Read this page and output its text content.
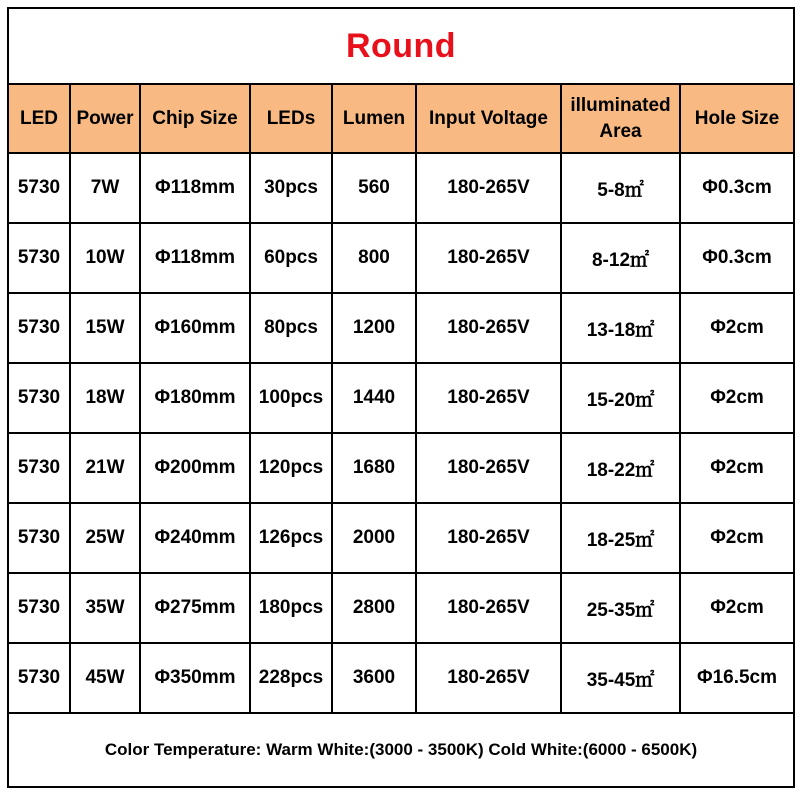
Round							
LED	Power	Chip Size	LEDs	Lumen	Input Voltage	illuminated Area	Hole Size
5730	7W	Φ118mm	30pcs	560	180-265V	5-8㎡	Φ0.3cm
5730	10W	Φ118mm	60pcs	800	180-265V	8-12㎡	Φ0.3cm
5730	15W	Φ160mm	80pcs	1200	180-265V	13-18㎡	Φ2cm
5730	18W	Φ180mm	100pcs	1440	180-265V	15-20㎡	Φ2cm
5730	21W	Φ200mm	120pcs	1680	180-265V	18-22㎡	Φ2cm
5730	25W	Φ240mm	126pcs	2000	180-265V	18-25㎡	Φ2cm
5730	35W	Φ275mm	180pcs	2800	180-265V	25-35㎡	Φ2cm
5730	45W	Φ350mm	228pcs	3600	180-265V	35-45㎡	Φ16.5cm
Color Temperature: Warm White:(3000 - 3500K) Cold White:(6000 - 6500K)							
